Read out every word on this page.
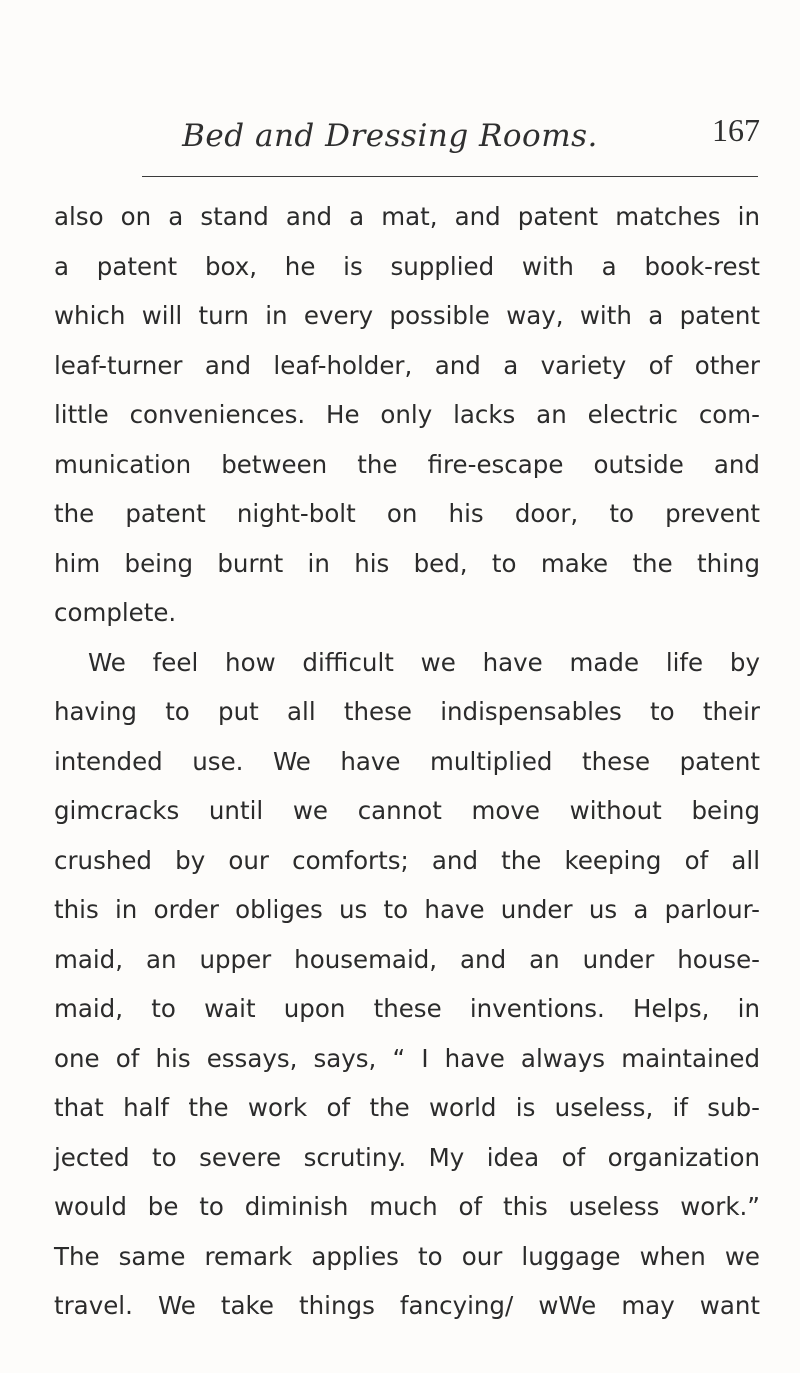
Bed and Dressing Rooms.	167
also on a stand and a mat, and patent matches in
a patent box, he is supplied with a book-rest
which will turn in every possible way, with a patent
leaf-turner and leaf-holder, and a variety of other
little conveniences. He only lacks an electric com-
munication between the fire-escape outside and
the patent night-bolt on his door, to prevent
him being burnt in his bed, to make the thing
complete.
We feel how difficult we have made life by
having to put all these indispensables to their
intended use. We have multiplied these patent
gimcracks until we cannot move without being
crushed by our comforts; and the keeping of all
this in order obliges us to have under us a parlour-
maid, an upper housemaid, and an under house-
maid, to wait upon these inventions. Helps, in
one of his essays, says, “ I have always maintained
that half the work of the world is useless, if sub-
jected to severe scrutiny. My idea of organization
would be to diminish much of this useless work.”
The same remark applies to our luggage when we
travel. We take things fancying/ wWe may want
